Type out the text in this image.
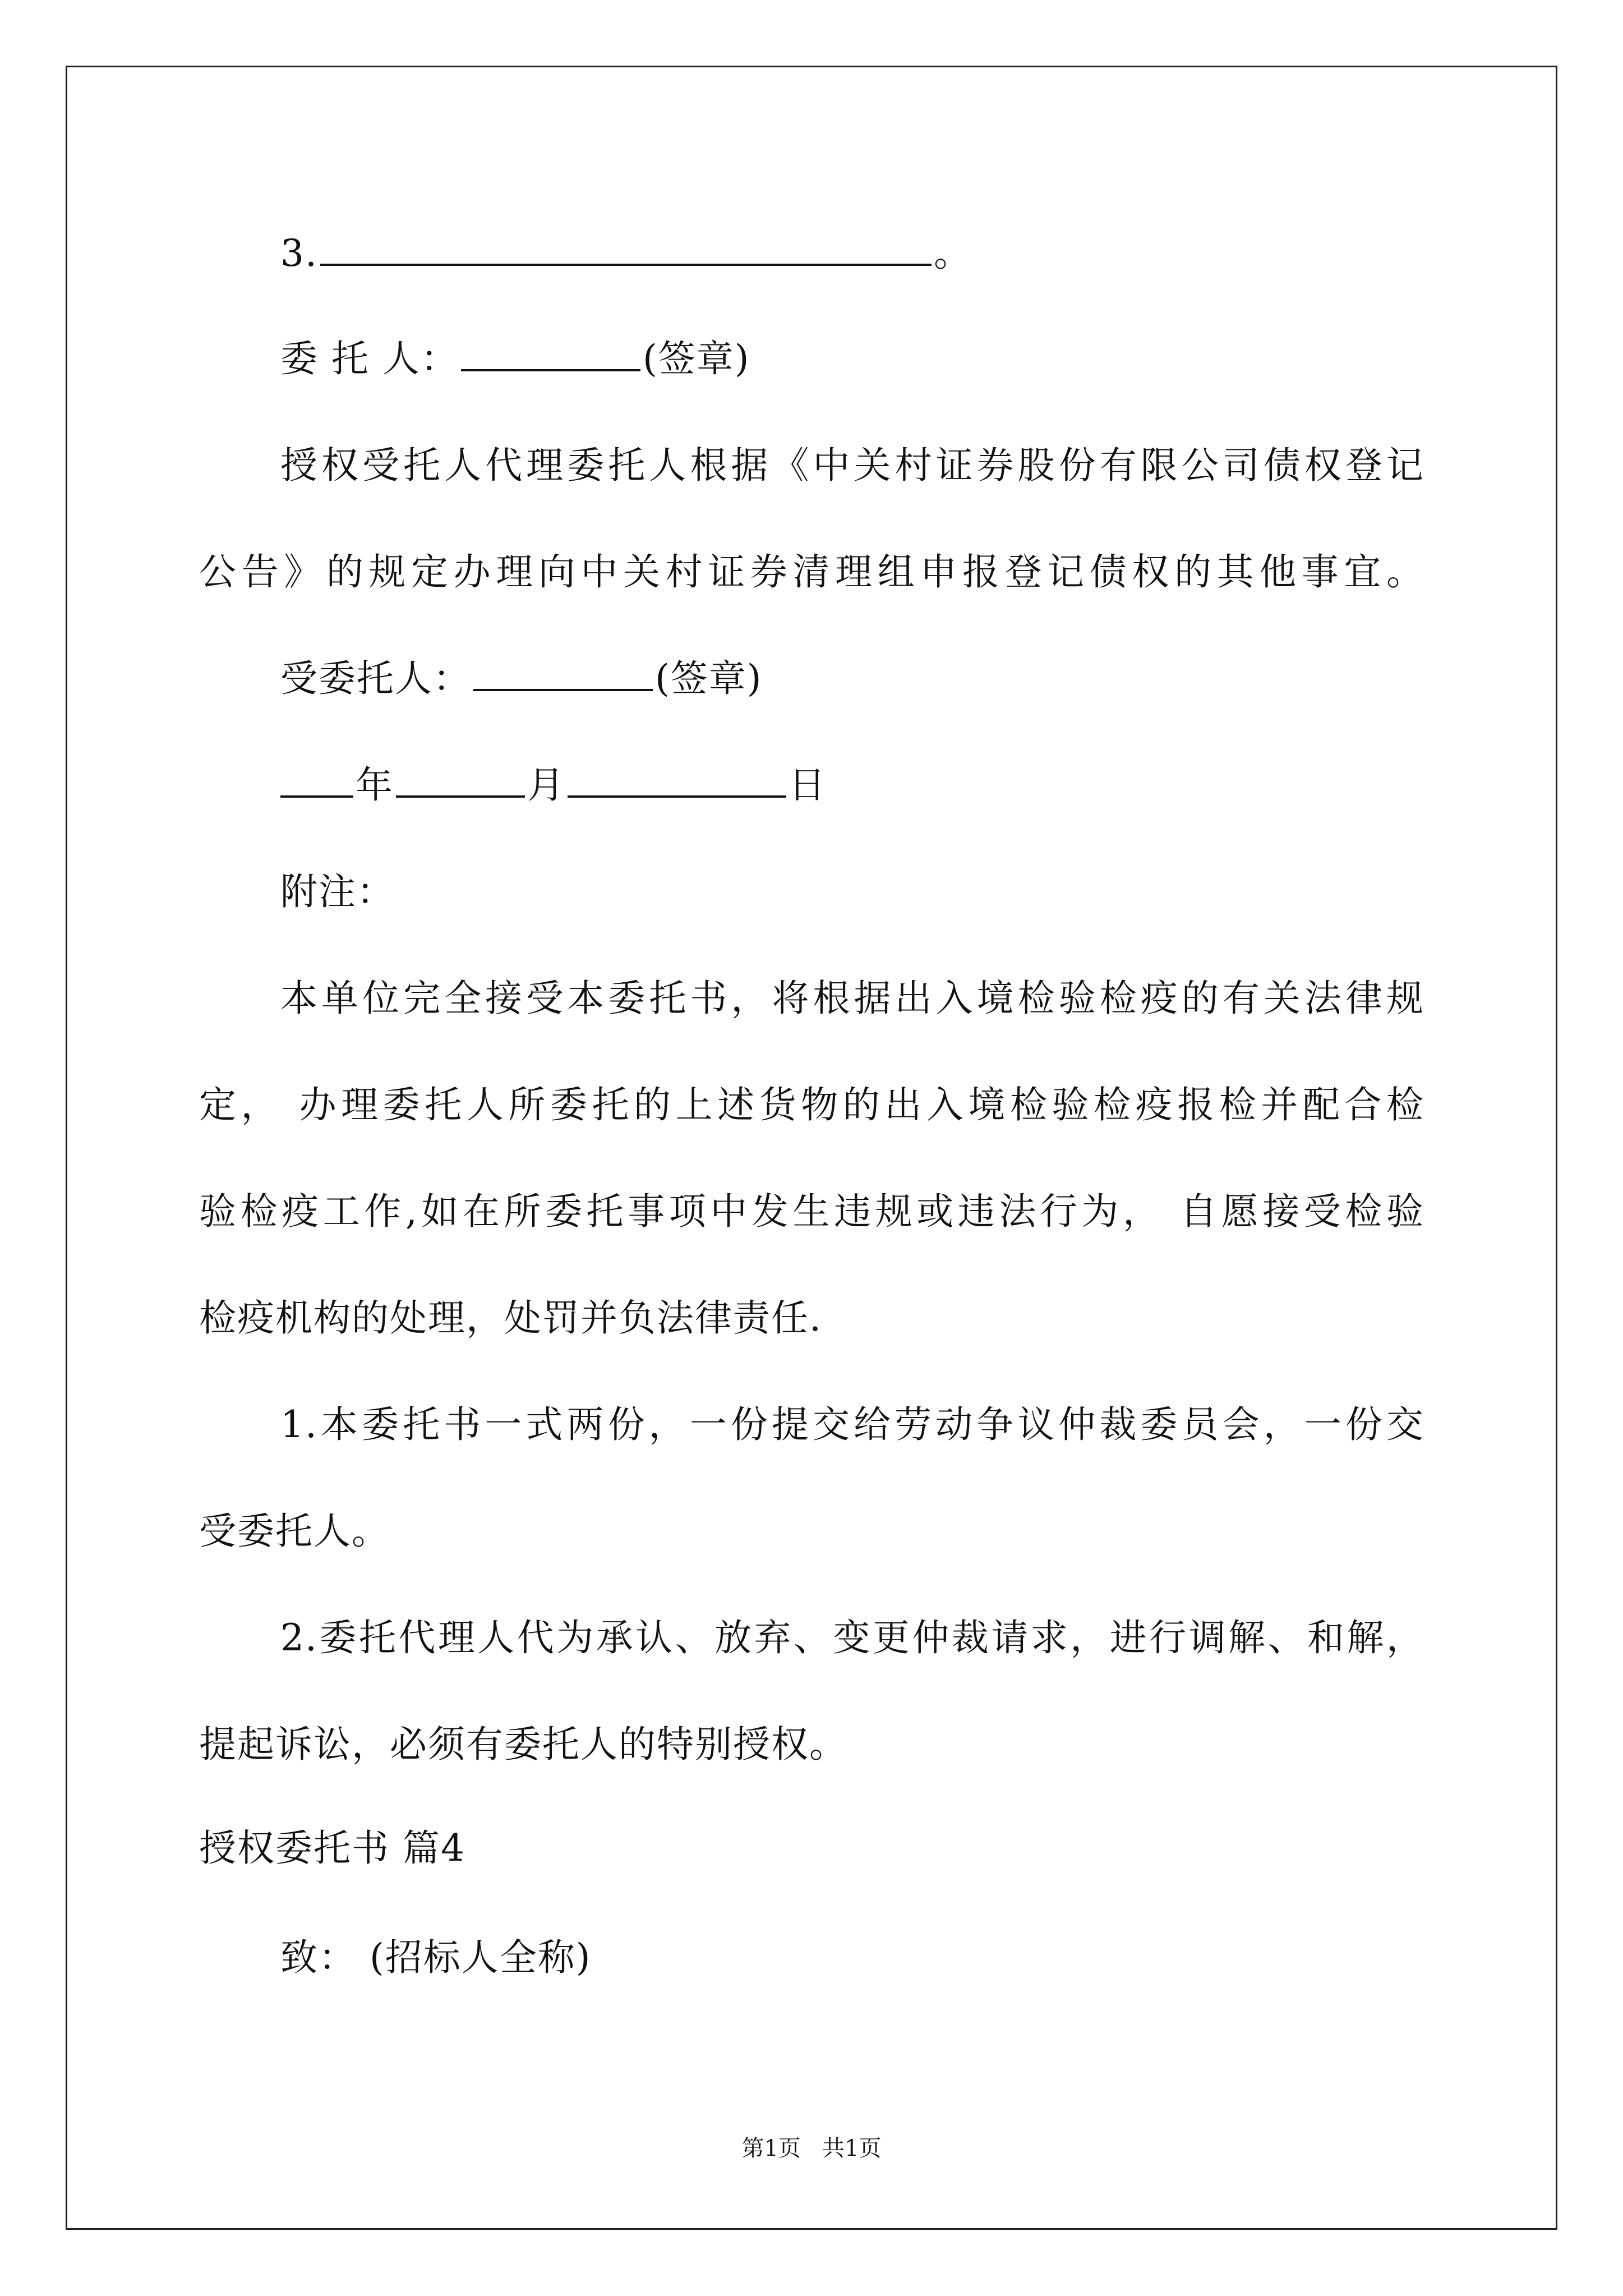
3.	。
委 托 人：	(签章)
授权受托人代理委托人根据《中关村证券股份有限公司债权登记
公告》的规定办理向中关村证券清理组申报登记债权的其他事宜。
受委托人：	(签章)
年	月	日
附注：
本单位完全接受本委托书，将根据出入境检验检疫的有关法律规
定， 办理委托人所委托的上述货物的出入境检验检疫报检并配合检
验检疫工作,如在所委托事项中发生违规或违法行为， 自愿接受检验
检疫机构的处理，处罚并负法律责任.
1.本委托书一式两份，一份提交给劳动争议仲裁委员会，一份交
受委托人。
2.委托代理人代为承认、放弃、变更仲裁请求，进行调解、和解，
提起诉讼，必须有委托人的特别授权。
授权委托书 篇4
致： (招标人全称)
第1页   共1页
